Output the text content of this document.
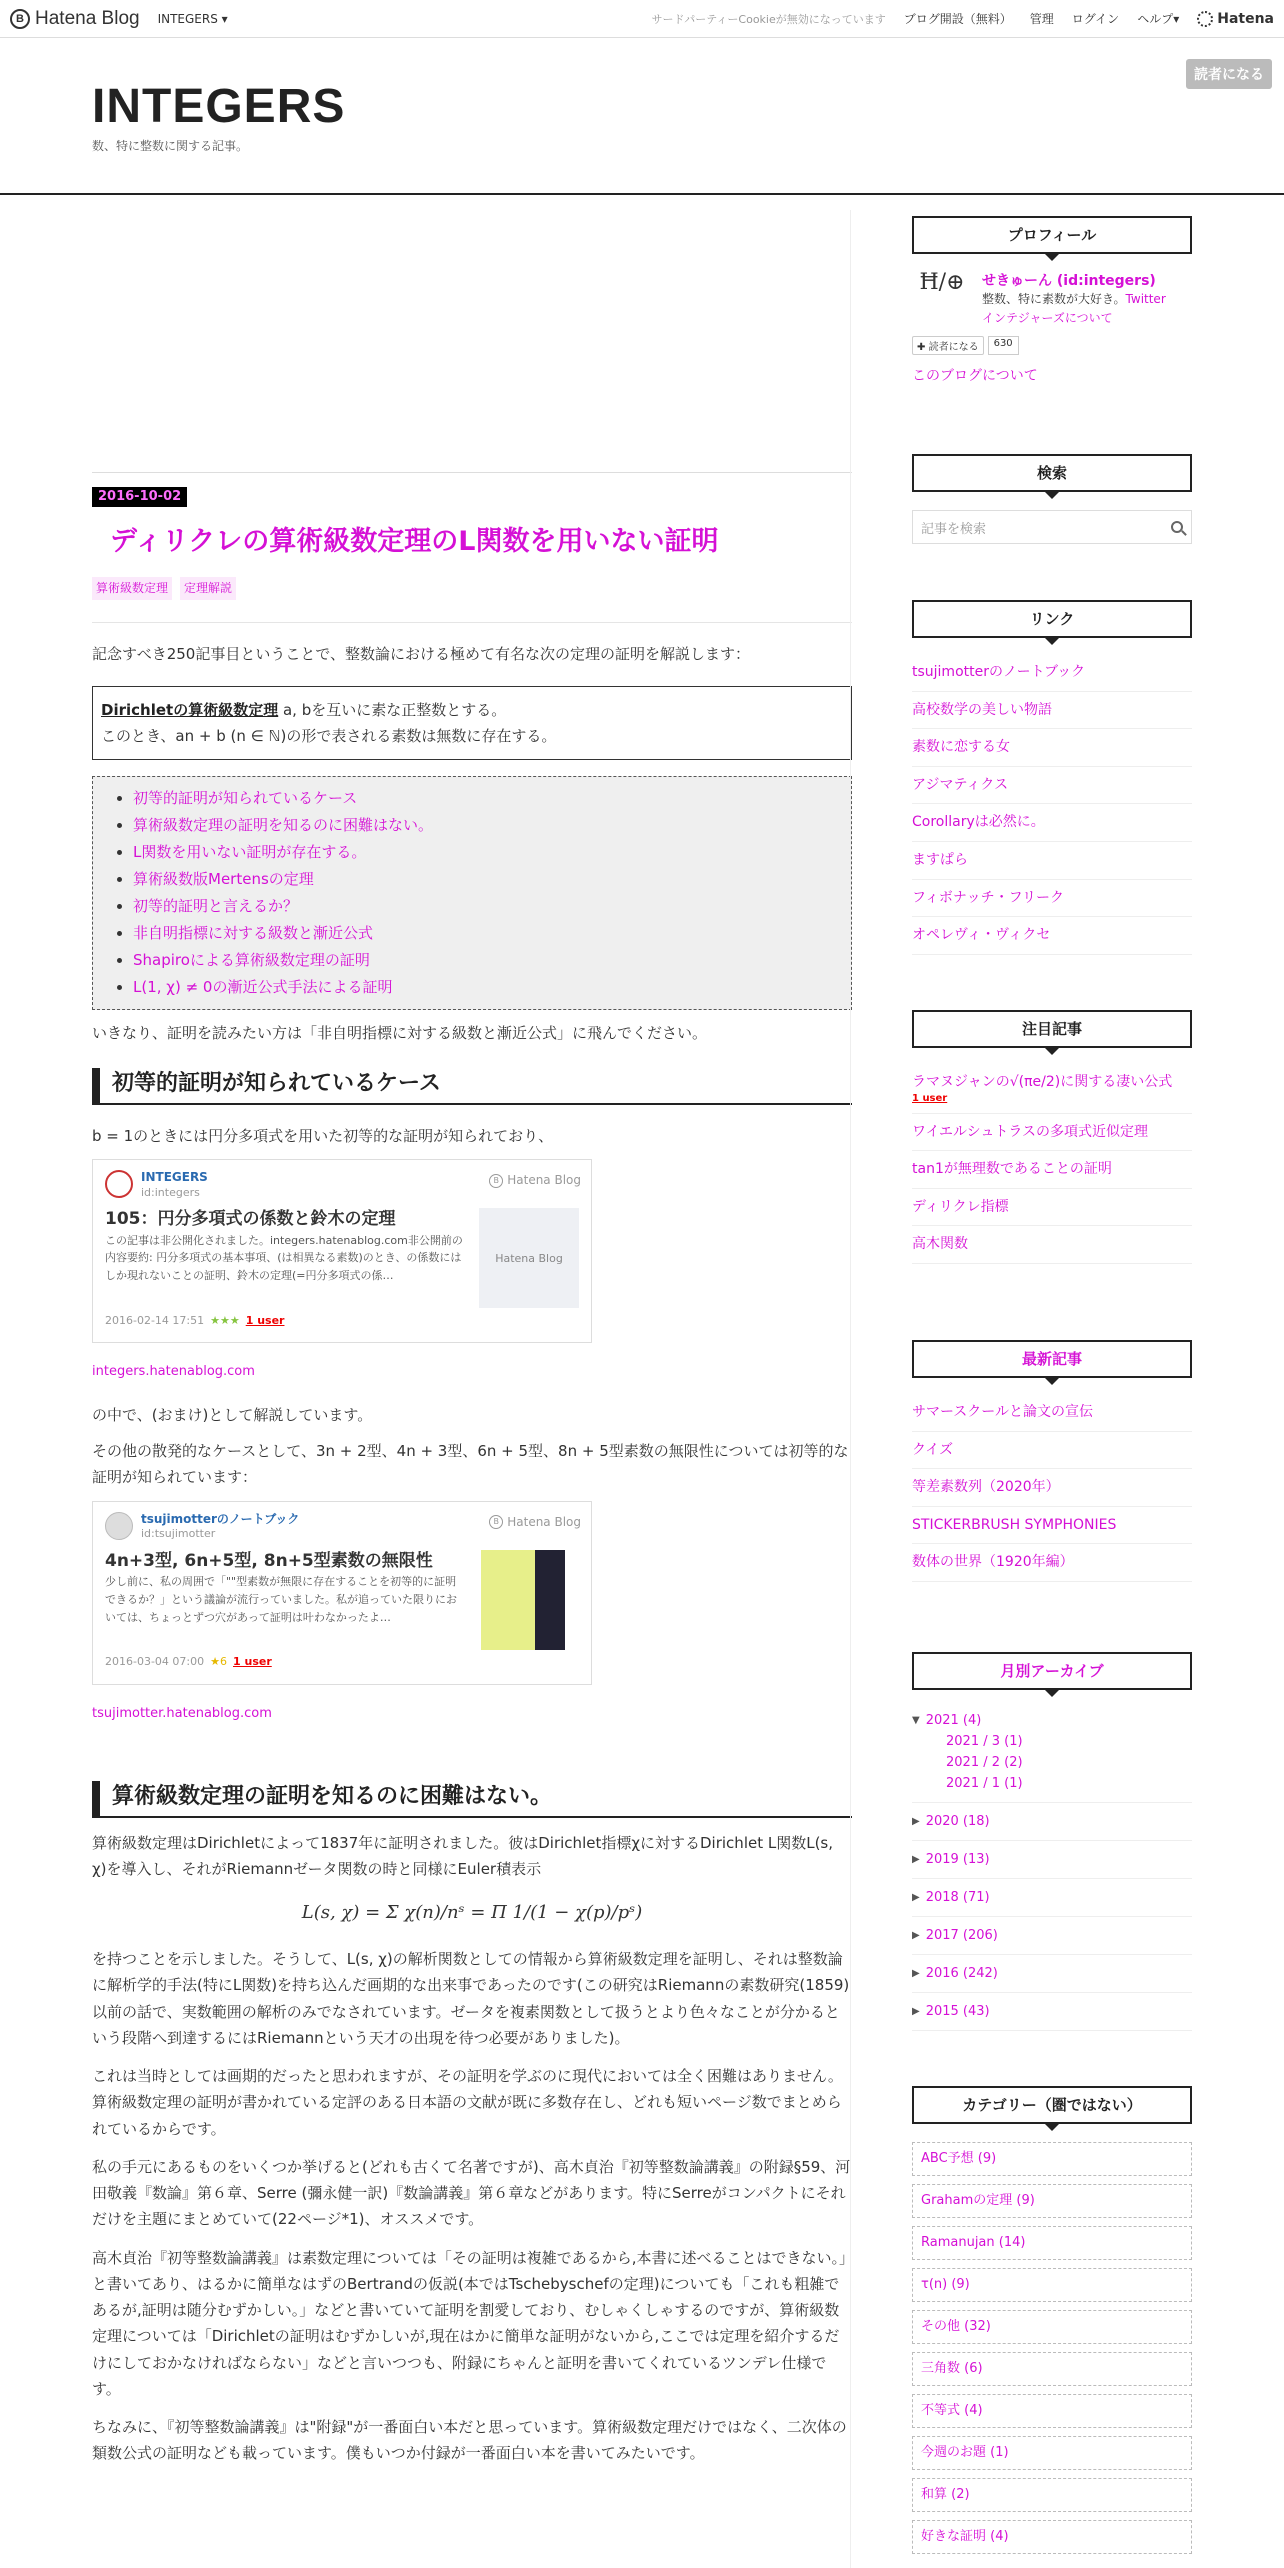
B Hatena Blog INTEGERS ▾	サードパーティーCookieが無効になっています ブログ開設（無料） 管理 ログイン ヘルプ▾	Hatena
INTEGERS
数、特に整数に関する記事。
読者になる
2016-10-02
ディリクレの算術級数定理のL関数を用いない証明
算術級数定理	定理解説
記念すべき250記事目ということで、整数論における極めて有名な次の定理の証明を解説します：
Dirichletの算術級数定理 a, bを互いに素な正整数とする。
このとき、an + b (n ∈ ℕ)の形で表される素数は無数に存在する。
• 初等的証明が知られているケース
• 算術級数定理の証明を知るのに困難はない。
• L関数を用いない証明が存在する。
• 算術級数版Mertensの定理
• 初等的証明と言えるか？
• 非自明指標に対する級数と漸近公式
• Shapiroによる算術級数定理の証明
• L(1, χ) ≠ 0の漸近公式手法による証明
いきなり、証明を読みたい方は「非自明指標に対する級数と漸近公式」に飛んでください。
初等的証明が知られているケース
b = 1のときには円分多項式を用いた初等的な証明が知られており、
INTEGERS
id:integers
B Hatena Blog
105：円分多項式の係数と鈴木の定理
この記事は非公開化されました。integers.hatenablog.com非公開前の内容要約: 円分多項式の基本事項、(は相異なる素数)のとき、の係数にはしか現れないことの証明、鈴木の定理(=円分多項式の係…
Hatena Blog
2016-02-14 17:51 ★★★ 1 user
integers.hatenablog.com
の中で、(おまけ)として解説しています。
その他の散発的なケースとして、3n + 2型、4n + 3型、6n + 5型、8n + 5型素数の無限性については初等的な証明が知られています：
tsujimotterのノートブック
id:tsujimotter
B Hatena Blog
4n+3型, 6n+5型, 8n+5型素数の無限性
少し前に、私の周囲で「""型素数が無限に存在することを初等的に証明できるか？」という議論が流行っていました。私が追っていた限りにおいては、ちょっとずつ穴があって証明は叶わなかったよ…
2016-03-04 07:00 ★6 1 user
tsujimotter.hatenablog.com
算術級数定理の証明を知るのに困難はない。
算術級数定理はDirichletによって1837年に証明されました。彼はDirichlet指標χに対するDirichlet L関数L(s, χ)を導入し、それがRiemannゼータ関数の時と同様にEuler積表示
L(s, χ) = Σ χ(n)/nˢ = Π 1/(1 − χ(p)/pˢ)
を持つことを示しました。そうして、L(s, χ)の解析関数としての情報から算術級数定理を証明し、それは整数論に解析学的手法(特にL関数)を持ち込んだ画期的な出来事であったのです(この研究はRiemannの素数研究(1859)以前の話で、実数範囲の解析のみでなされています。ゼータを複素関数として扱うとより色々なことが分かるという段階へ到達するにはRiemannという天才の出現を待つ必要がありました)。
これは当時としては画期的だったと思われますが、その証明を学ぶのに現代においては全く困難はありません。算術級数定理の証明が書かれている定評のある日本語の文献が既に多数存在し、どれも短いページ数でまとめられているからです。
私の手元にあるものをいくつか挙げると(どれも古くて名著ですが)、高木貞治『初等整数論講義』の附録§59、河田敬義『数論』第６章、Serre (彌永健一訳)『数論講義』第６章などがあります。特にSerreがコンパクトにそれだけを主題にまとめていて(22ページ*1)、オススメです。
高木貞治『初等整数論講義』は素数定理については「その証明は複雑であるから,本書に述べることはできない。」と書いてあり、はるかに簡単なはずのBertrandの仮説(本ではTschebyschefの定理)についても「これも粗雑であるが,証明は随分むずかしい。」などと書いていて証明を割愛しており、むしゃくしゃするのですが、算術級数定理については「Dirichletの証明はむずかしいが,現在はかに簡単な証明がないから,ここでは定理を紹介するだけにしておかなければならない」などと言いつつも、附録にちゃんと証明を書いてくれているツンデレ仕様です。
ちなみに、『初等整数論講義』は"附録"が一番面白い本だと思っています。算術級数定理だけではなく、二次体の類数公式の証明なども載っています。僕もいつか付録が一番面白い本を書いてみたいです。
プロフィール
Ħ/⊕	せきゅーん (id:integers)
整数、特に素数が大好き。Twitter
インテジャーズについて
✚ 読者になる	630
このブログについて
検索
記事を検索
リンク
tsujimotterのノートブック
高校数学の美しい物語
素数に恋する女
アジマティクス
Corollaryは必然に。
ますぱら
フィボナッチ・フリーク
オペレヴィ・ヴィクセ
注目記事
ラマヌジャンの√(πe/2)に関する凄い公式
1 user
ワイエルシュトラスの多項式近似定理
tan1が無理数であることの証明
ディリクレ指標
高木関数
最新記事
サマースクールと論文の宣伝
クイズ
等差素数列（2020年）
STICKERBRUSH SYMPHONIES
数体の世界（1920年編）
月別アーカイブ
▼ 2021 (4)
2021 / 3 (1)
2021 / 2 (2)
2021 / 1 (1)
▶ 2020 (18)
▶ 2019 (13)
▶ 2018 (71)
▶ 2017 (206)
▶ 2016 (242)
▶ 2015 (43)
カテゴリー（圏ではない）
ABC予想 (9)
Grahamの定理 (9)
Ramanujan (14)
τ(n) (9)
その他 (32)
三角数 (6)
不等式 (4)
今週のお題 (1)
和算 (2)
好きな証明 (4)
